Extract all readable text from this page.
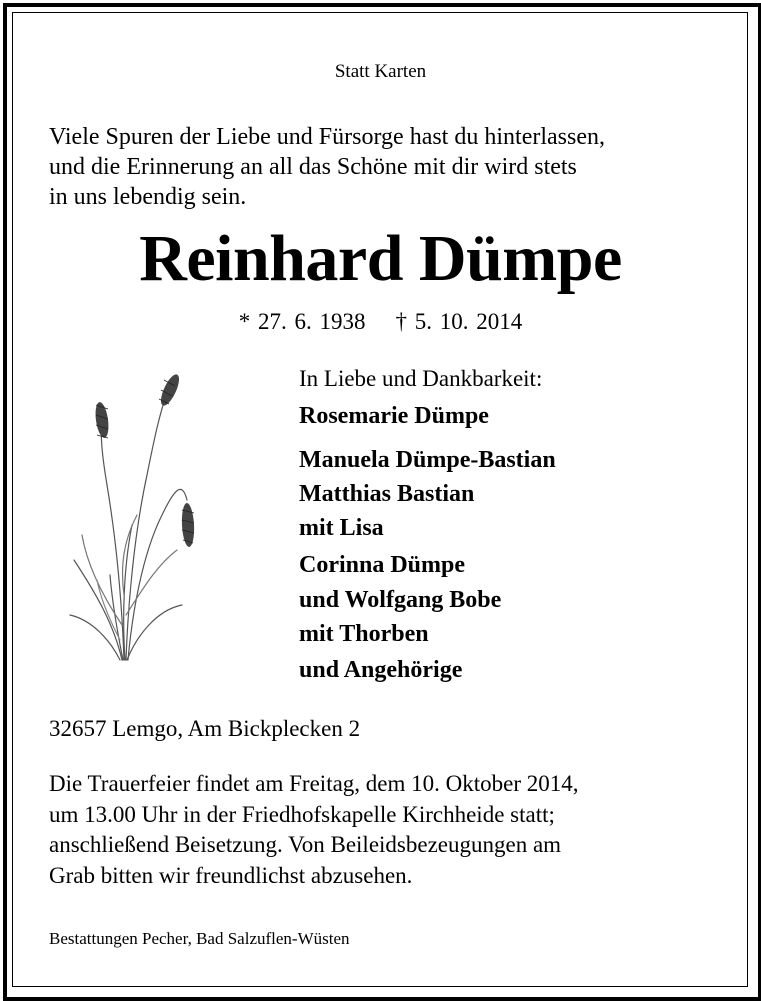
Statt Karten
Viele Spuren der Liebe und Fürsorge hast du hinterlassen,
und die Erinnerung an all das Schöne mit dir wird stets
in uns lebendig sein.
Reinhard Dümpe
* 27. 6. 1938 † 5. 10. 2014
In Liebe und Dankbarkeit:
Rosemarie Dümpe
Manuela Dümpe-Bastian
Matthias Bastian
mit Lisa
Corinna Dümpe
und Wolfgang Bobe
mit Thorben
und Angehörige
32657 Lemgo, Am Bickplecken 2
Die Trauerfeier findet am Freitag, dem 10. Oktober 2014,
um 13.00 Uhr in der Friedhofskapelle Kirchheide statt;
anschließend Beisetzung. Von Beileidsbezeugungen am
Grab bitten wir freundlichst abzusehen.
Bestattungen Pecher, Bad Salzuflen-Wüsten
